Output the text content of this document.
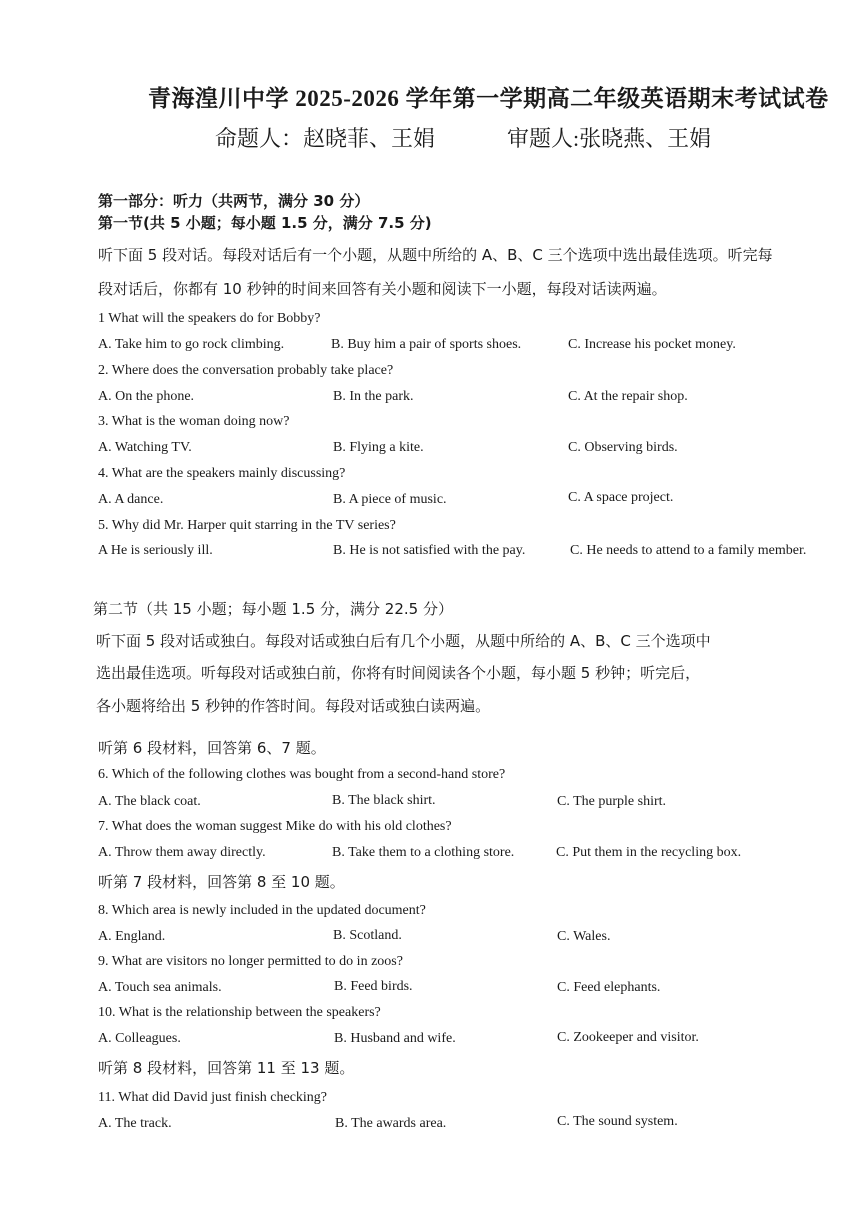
青海湟川中学 2025-2026 学年第一学期高二年级英语期末考试试卷
命题人：赵晓菲、王娟	审题人:张晓燕、王娟
第一部分：听力（共两节，满分 30 分）
第一节(共 5 小题；每小题 1.5 分，满分 7.5 分)
听下面 5 段对话。每段对话后有一个小题，从题中所给的 A、B、C 三个选项中选出最佳选项。听完每
段对话后，你都有 10 秒钟的时间来回答有关小题和阅读下一小题，每段对话读两遍。
1 What will the speakers do for Bobby?
A. Take him to go rock climbing.	B. Buy him a pair of sports shoes.	C. Increase his pocket money.
2. Where does the conversation probably take place?
A. On the phone.	B. In the park.	C. At the repair shop.
3. What is the woman doing now?
A. Watching TV.	B. Flying a kite.	C. Observing birds.
4. What are the speakers mainly discussing?
A. A dance.	B. A piece of music.	C. A space project.
5. Why did Mr. Harper quit starring in the TV series?
A He is seriously ill.	B. He is not satisfied with the pay.	C. He needs to attend to a family member.
第二节（共 15 小题；每小题 1.5 分，满分 22.5 分）
听下面 5 段对话或独白。每段对话或独白后有几个小题，从题中所给的 A、B、C 三个选项中
选出最佳选项。听每段对话或独白前，你将有时间阅读各个小题，每小题 5 秒钟；听完后，
各小题将给出 5 秒钟的作答时间。每段对话或独白读两遍。
听第 6 段材料，回答第 6、7 题。
6. Which of the following clothes was bought from a second-hand store?
A. The black coat.	B. The black shirt.	C. The purple shirt.
7. What does the woman suggest Mike do with his old clothes?
A. Throw them away directly.	B. Take them to a clothing store.	C. Put them in the recycling box.
听第 7 段材料，回答第 8 至 10 题。
8. Which area is newly included in the updated document?
A. England.	B. Scotland.	C. Wales.
9. What are visitors no longer permitted to do in zoos?
A. Touch sea animals.	B. Feed birds.	C. Feed elephants.
10. What is the relationship between the speakers?
A. Colleagues.	B. Husband and wife.	C. Zookeeper and visitor.
听第 8 段材料，回答第 11 至 13 题。
11. What did David just finish checking?
A. The track.	B. The awards area.	C. The sound system.
